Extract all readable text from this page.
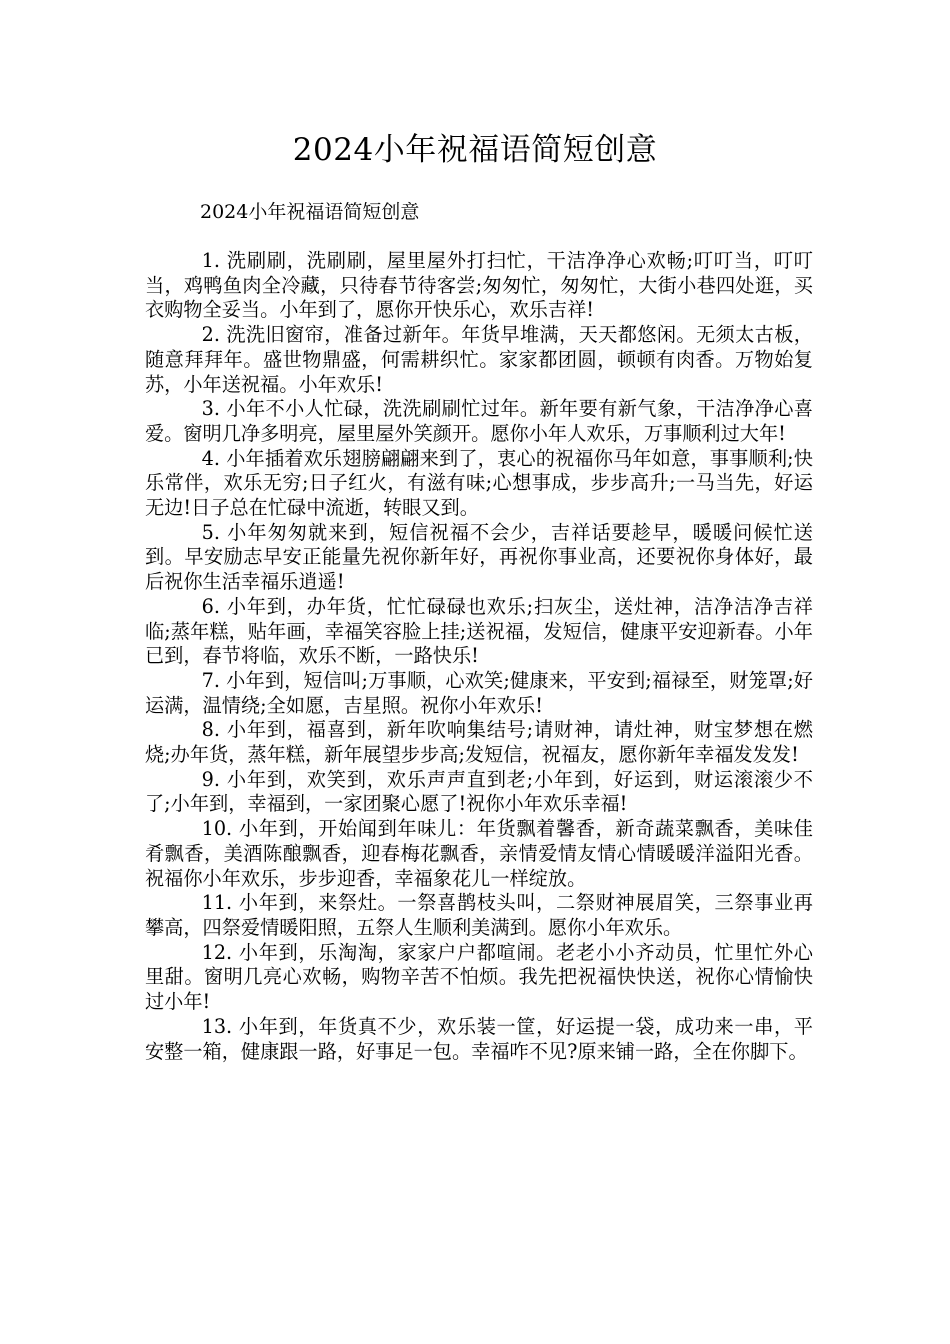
2024小年祝福语简短创意
2024小年祝福语简短创意

1. 洗刷刷，洗刷刷，屋里屋外打扫忙，干洁净净心欢畅;叮叮当，叮叮当，鸡鸭鱼肉全冷藏，只待春节待客尝;匆匆忙，匆匆忙，大街小巷四处逛，买衣购物全妥当。小年到了，愿你开快乐心，欢乐吉祥!

2. 洗洗旧窗帘，准备过新年。年货早堆满，天天都悠闲。无须太古板，随意拜拜年。盛世物鼎盛，何需耕织忙。家家都团圆，顿顿有肉香。万物始复苏，小年送祝福。小年欢乐!

3. 小年不小人忙碌，洗洗刷刷忙过年。新年要有新气象，干洁净净心喜爱。窗明几净多明亮，屋里屋外笑颜开。愿你小年人欢乐，万事顺利过大年!

4. 小年插着欢乐翅膀翩翩来到了，衷心的祝福你马年如意，事事顺利;快乐常伴，欢乐无穷;日子红火，有滋有味;心想事成，步步高升;一马当先，好运无边!日子总在忙碌中流逝，转眼又到。

5. 小年匆匆就来到，短信祝福不会少，吉祥话要趁早，暖暖问候忙送到。早安励志早安正能量先祝你新年好，再祝你事业高，还要祝你身体好，最后祝你生活幸福乐逍遥!

6. 小年到，办年货，忙忙碌碌也欢乐;扫灰尘，送灶神，洁净洁净吉祥临;蒸年糕，贴年画，幸福笑容脸上挂;送祝福，发短信，健康平安迎新春。小年已到，春节将临，欢乐不断，一路快乐!

7. 小年到，短信叫;万事顺，心欢笑;健康来，平安到;福禄至，财笼罩;好运满，温情绕;全如愿，吉星照。祝你小年欢乐!

8. 小年到，福喜到，新年吹响集结号;请财神，请灶神，财宝梦想在燃烧;办年货，蒸年糕，新年展望步步高;发短信，祝福友，愿你新年幸福发发发!

9. 小年到，欢笑到，欢乐声声直到老;小年到，好运到，财运滚滚少不了;小年到，幸福到，一家团聚心愿了!祝你小年欢乐幸福!

10. 小年到，开始闻到年味儿：年货飘着馨香，新奇蔬菜飘香，美味佳肴飘香，美酒陈酿飘香，迎春梅花飘香，亲情爱情友情心情暖暖洋溢阳光香。祝福你小年欢乐，步步迎香，幸福象花儿一样绽放。

11. 小年到，来祭灶。一祭喜鹊枝头叫，二祭财神展眉笑，三祭事业再攀高，四祭爱情暖阳照，五祭人生顺利美满到。愿你小年欢乐。

12. 小年到，乐淘淘，家家户户都喧闹。老老小小齐动员，忙里忙外心里甜。窗明几亮心欢畅，购物辛苦不怕烦。我先把祝福快快送，祝你心情愉快过小年!

13. 小年到，年货真不少，欢乐装一筐，好运提一袋，成功来一串，平安整一箱，健康跟一路，好事足一包。幸福咋不见?原来铺一路，全在你脚下。
